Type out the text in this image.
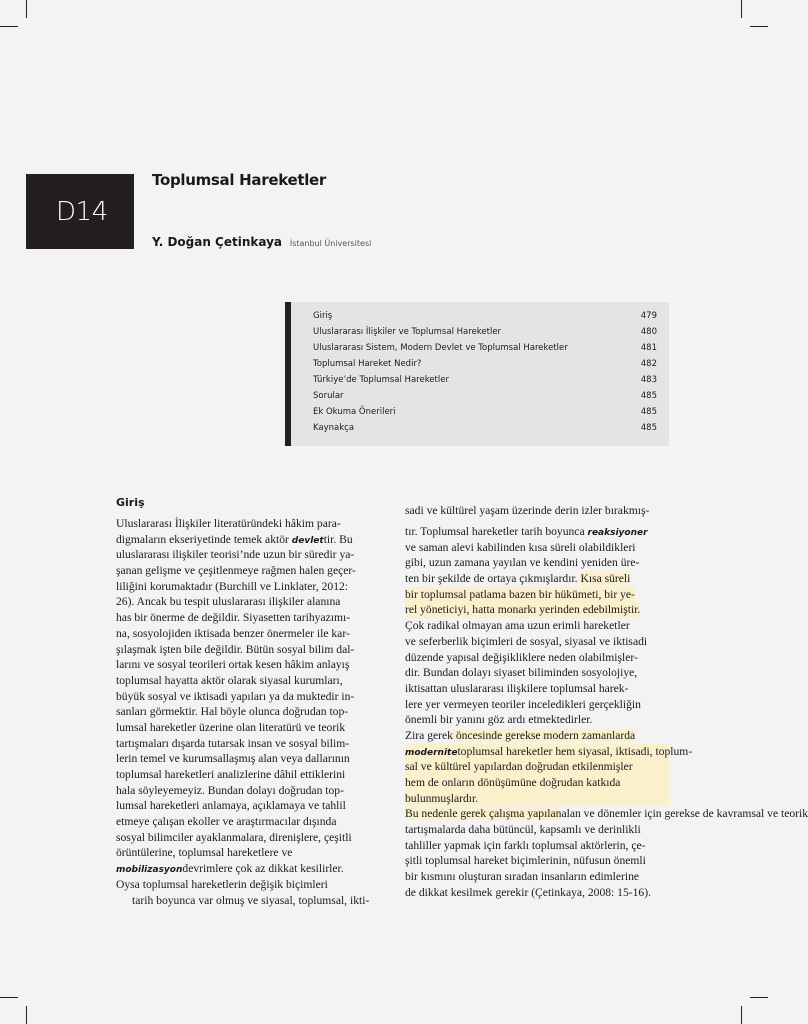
D14
Toplumsal Hareketler
Y. Doğan Çetinkaya İstanbul Üniversitesi
Giriş	479
Uluslararası İlişkiler ve Toplumsal Hareketler	480
Uluslararası Sistem, Modern Devlet ve Toplumsal Hareketler	481
Toplumsal Hareket Nedir?	482
Türkiye’de Toplumsal Hareketler	483
Sorular	485
Ek Okuma Önerileri	485
Kaynakça	485
Giriş
Uluslararası İlişkiler literatüründeki hâkim para-
digmaların ekseriyetinde temek aktör devlettir. Bu
uluslararası ilişkiler teorisi’nde uzun bir süredir ya-
şanan gelişme ve çeşitlenmeye rağmen halen geçer-
liliğini korumaktadır (Burchill ve Linklater, 2012:
26). Ancak bu tespit uluslararası ilişkiler alanına
has bir önerme de değildir. Siyasetten tarihyazımı-
na, sosyolojiden iktisada benzer önermeler ile kar-
şılaşmak işten bile değildir. Bütün sosyal bilim dal-
larını ve sosyal teorileri ortak kesen hâkim anlayış
toplumsal hayatta aktör olarak siyasal kurumları,
büyük sosyal ve iktisadi yapıları ya da muktedir in-
sanları görmektir. Hal böyle olunca doğrudan top-
lumsal hareketler üzerine olan literatürü ve teorik
tartışmaları dışarda tutarsak insan ve sosyal bilim-
lerin temel ve kurumsallaşmış alan veya dallarının
toplumsal hareketleri analizlerine dâhil ettiklerini
hala söyleyemeyiz. Bundan dolayı doğrudan top-
lumsal hareketleri anlamaya, açıklamaya ve tahlil
etmeye çalışan ekoller ve araştırmacılar dışında
sosyal bilimciler ayaklanmalara, direnişlere, çeşitli
örüntülerine, toplumsal hareketlere ve
mobilizasyondevrimlere çok az dikkat kesilirler.
Oysa toplumsal hareketlerin değişik biçimleri
tarih boyunca var olmuş ve siyasal, toplumsal, ikti-
sadi ve kültürel yaşam üzerinde derin izler bırakmış-
tır. Toplumsal hareketler tarih boyunca reaksiyoner
ve saman alevi kabilinden kısa süreli olabildikleri
gibi, uzun zamana yayılan ve kendini yeniden üre-
ten bir şekilde de ortaya çıkmışlardır. Kısa süreli
bir toplumsal patlama bazen bir hükümeti, bir ye-
rel yöneticiyi, hatta monarkı yerinden edebilmiştir.
Çok radikal olmayan ama uzun erimli hareketler
ve seferberlik biçimleri de sosyal, siyasal ve iktisadi
düzende yapısal değişikliklere neden olabilmişler-
dir. Bundan dolayı siyaset biliminden sosyolojiye,
iktisattan uluslararası ilişkilere toplumsal harek-
lere yer vermeyen teoriler inceledikleri gerçekliğin
önemli bir yanını göz ardı etmektedirler.
Zira gerek öncesinde gerekse modern zamanlarda
modernitetoplumsal hareketler hem siyasal, iktisadi, toplum-
sal ve kültürel yapılardan doğrudan etkilenmişler
hem de onların dönüşümüne doğrudan katkıda
bulunmuşlardır.
Bu nedenle gerek çalışma yapılanalan ve dönemler için gerekse de kavramsal ve teorik
tartışmalarda daha bütüncül, kapsamlı ve derinlikli
tahliller yapmak için farklı toplumsal aktörlerin, çe-
şitli toplumsal hareket biçimlerinin, nüfusun önemli
bir kısmını oluşturan sıradan insanların edimlerine
de dikkat kesilmek gerekir (Çetinkaya, 2008: 15-16).
